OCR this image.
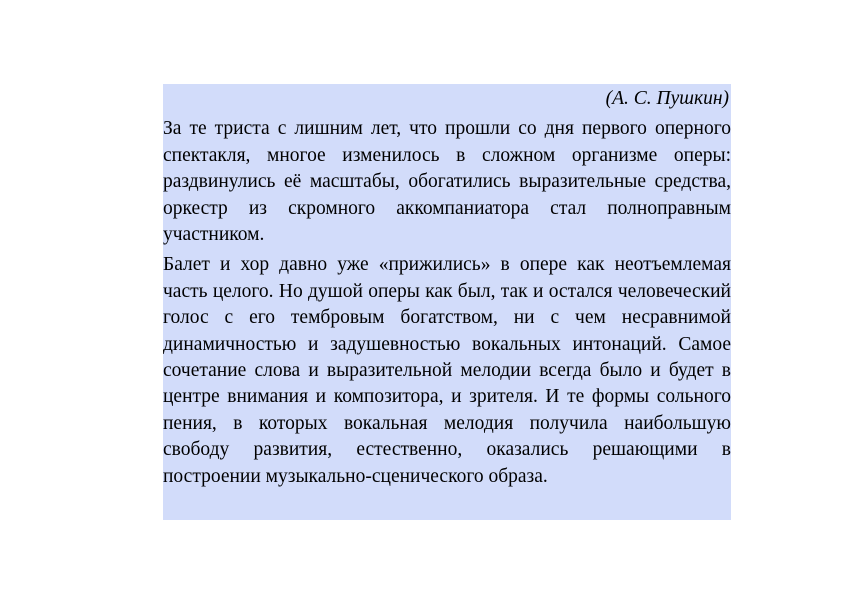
(А. С. Пушкин)

За те триста с лишним лет, что прошли со дня первого оперного спектакля, многое изменилось в сложном организме оперы: раздвинулись её масштабы, обогатились выразительные средства, оркестр из скромного аккомпаниатора стал полноправным участником.

Балет и хор давно уже «прижились» в опере как неотъемлемая часть целого. Но душой оперы как был, так и остался человеческий голос с его тембровым богатством, ни с чем несравнимой динамичностью и задушевностью вокальных интонаций. Самое сочетание слова и выразительной мелодии всегда было и будет в центре внимания и композитора, и зрителя. И те формы сольного пения, в которых вокальная мелодия получила наибольшую свободу развития, естественно, оказались решающими в построении музыкально-сценического образа.
